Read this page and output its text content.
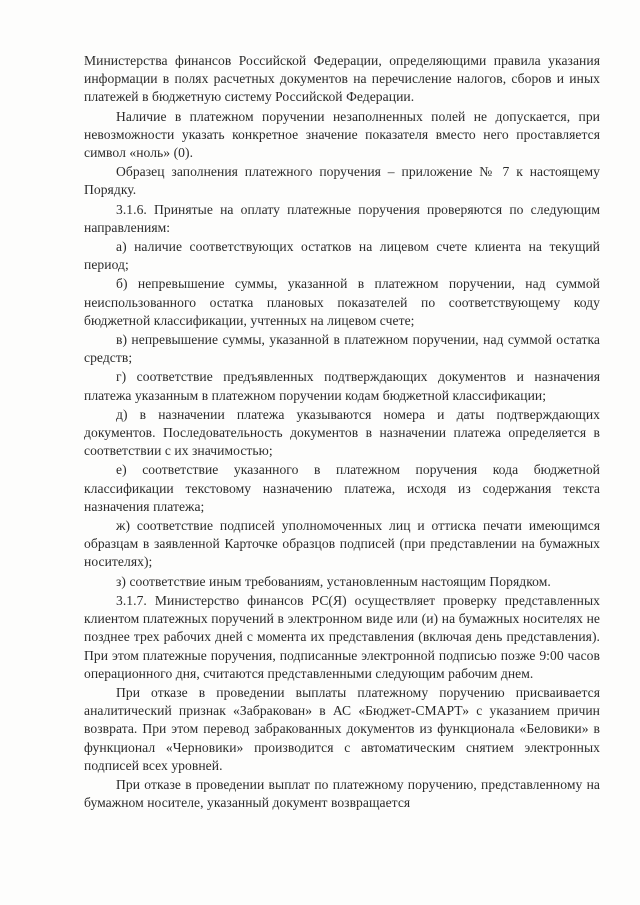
Министерства финансов Российской Федерации, определяющими правила указания информации в полях расчетных документов на перечисление налогов, сборов и иных платежей в бюджетную систему Российской Федерации.

Наличие в платежном поручении незаполненных полей не допускается, при невозможности указать конкретное значение показателя вместо него проставляется символ «ноль» (0).

Образец заполнения платежного поручения – приложение № 7 к настоящему Порядку.

3.1.6. Принятые на оплату платежные поручения проверяются по следующим направлениям:

а) наличие соответствующих остатков на лицевом счете клиента на текущий период;

б) непревышение суммы, указанной в платежном поручении, над суммой неиспользованного остатка плановых показателей по соответствующему коду бюджетной классификации, учтенных на лицевом счете;

в) непревышение суммы, указанной в платежном поручении, над суммой остатка средств;

г) соответствие предъявленных подтверждающих документов и назначения платежа указанным в платежном поручении кодам бюджетной классификации;

д) в назначении платежа указываются номера и даты подтверждающих документов. Последовательность документов в назначении платежа определяется в соответствии с их значимостью;

е) соответствие указанного в платежном поручения кода бюджетной классификации текстовому назначению платежа, исходя из содержания текста назначения платежа;

ж) соответствие подписей уполномоченных лиц и оттиска печати имеющимся образцам в заявленной Карточке образцов подписей (при представлении на бумажных носителях);

з) соответствие иным требованиям, установленным настоящим Порядком.

3.1.7. Министерство финансов РС(Я) осуществляет проверку представленных клиентом платежных поручений в электронном виде или (и) на бумажных носителях не позднее трех рабочих дней с момента их представления (включая день представления). При этом платежные поручения, подписанные электронной подписью позже 9:00 часов операционного дня, считаются представленными следующим рабочим днем.

При отказе в проведении выплаты платежному поручению присваивается аналитический признак «Забракован» в АС «Бюджет-СМАРТ» с указанием причин возврата. При этом перевод забракованных документов из функционала «Беловики» в функционал «Черновики» производится с автоматическим снятием электронных подписей всех уровней.

При отказе в проведении выплат по платежному поручению, представленному на бумажном носителе, указанный документ возвращается
